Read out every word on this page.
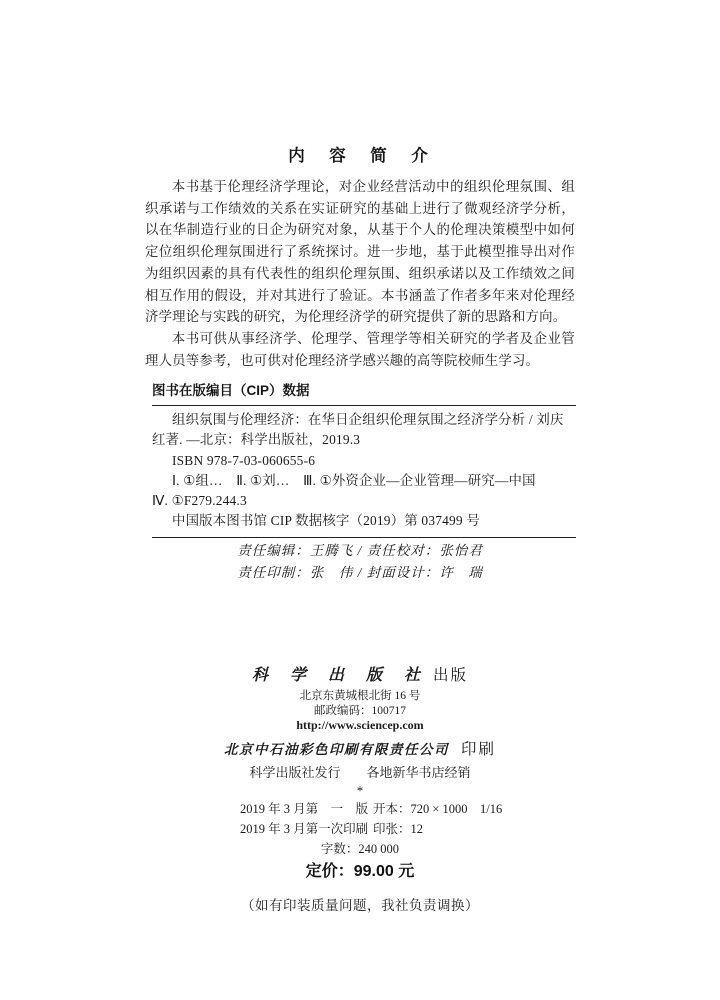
内　容　简　介

本书基于伦理经济学理论，对企业经营活动中的组织伦理氛围、组织承诺与工作绩效的关系在实证研究的基础上进行了微观经济学分析，以在华制造行业的日企为研究对象，从基于个人的伦理决策模型中如何定位组织伦理氛围进行了系统探讨。进一步地，基于此模型推导出对作为组织因素的具有代表性的组织伦理氛围、组织承诺以及工作绩效之间相互作用的假设，并对其进行了验证。本书涵盖了作者多年来对伦理经济学理论与实践的研究，为伦理经济学的研究提供了新的思路和方向。

本书可供从事经济学、伦理学、管理学等相关研究的学者及企业管理人员等参考，也可供对伦理经济学感兴趣的高等院校师生学习。

图书在版编目（CIP）数据

组织氛围与伦理经济：在华日企组织伦理氛围之经济学分析 / 刘庆
红著. —北京：科学出版社，2019.3
ISBN 978-7-03-060655-6
Ⅰ. ①组…　Ⅱ. ①刘…　Ⅲ. ①外资企业—企业管理—研究—中国
Ⅳ. ①F279.244.3
中国版本图书馆 CIP 数据核字（2019）第 037499 号
责任编辑：王腾飞 / 责任校对：张怡君
责任印制：张　伟 / 封面设计：许　瑞
科 学 出 版 社 出版

北京东黄城根北街 16 号

邮政编码：100717

http://www.sciencep.com

北京中石油彩色印刷有限责任公司 印刷

科学出版社发行　　各地新华书店经销

*

2019 年 3 月第　一　版 开本：720 × 1000　1/16
2019 年 3 月第一次印刷 印张：12

字数：240 000

定价：99.00 元

（如有印装质量问题，我社负责调换）
